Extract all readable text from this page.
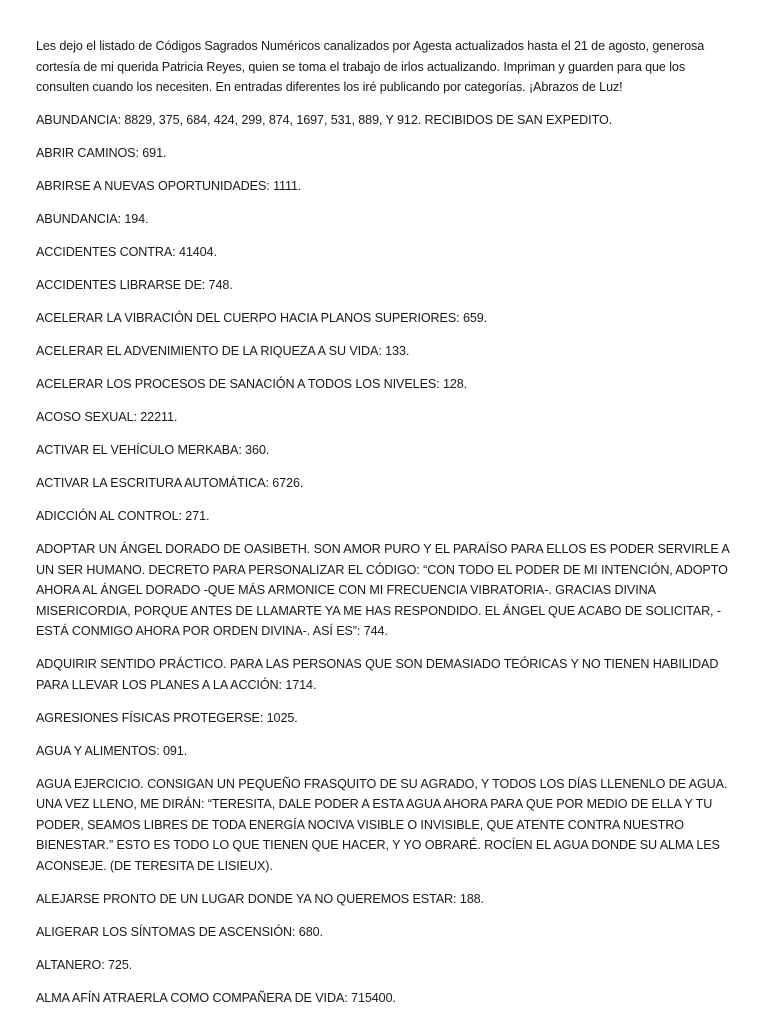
Les dejo el listado de Códigos Sagrados Numéricos canalizados por Agesta actualizados hasta el 21 de agosto, generosa cortesía de mi querida Patricia Reyes, quien se toma el trabajo de irlos actualizando. Impriman y guarden para que los consulten cuando los necesiten. En entradas diferentes los iré publicando por categorías. ¡Abrazos de Luz!

ABUNDANCIA: 8829, 375, 684, 424, 299, 874, 1697, 531, 889, Y 912. RECIBIDOS DE SAN EXPEDITO.

ABRIR CAMINOS: 691.

ABRIRSE A NUEVAS OPORTUNIDADES: 1111.

ABUNDANCIA: 194.

ACCIDENTES CONTRA: 41404.

ACCIDENTES LIBRARSE DE: 748.

ACELERAR LA VIBRACIÓN DEL CUERPO HACIA PLANOS SUPERIORES: 659.

ACELERAR EL ADVENIMIENTO DE LA RIQUEZA A SU VIDA: 133.

ACELERAR LOS PROCESOS DE SANACIÓN A TODOS LOS NIVELES: 128.

ACOSO SEXUAL: 22211.

ACTIVAR EL VEHÍCULO MERKABA: 360.

ACTIVAR LA ESCRITURA AUTOMÁTICA: 6726.

ADICCIÓN AL CONTROL: 271.

ADOPTAR UN ÁNGEL DORADO DE OASIBETH. SON AMOR PURO Y EL PARAÍSO PARA ELLOS ES PODER SERVIRLE A UN SER HUMANO. DECRETO PARA PERSONALIZAR EL CÓDIGO: “CON TODO EL PODER DE MI INTENCIÓN, ADOPTO AHORA AL ÁNGEL DORADO -QUE MÁS ARMONICE CON MI FRECUENCIA VIBRATORIA-. GRACIAS DIVINA MISERICORDIA, PORQUE ANTES DE LLAMARTE YA ME HAS RESPONDIDO. EL ÁNGEL QUE ACABO DE SOLICITAR, -ESTÁ CONMIGO AHORA POR ORDEN DIVINA-. ASÍ ES”: 744.

ADQUIRIR SENTIDO PRÁCTICO. PARA LAS PERSONAS QUE SON DEMASIADO TEÓRICAS Y NO TIENEN HABILIDAD PARA LLEVAR LOS PLANES A LA ACCIÓN: 1714.

AGRESIONES FÍSICAS PROTEGERSE: 1025.

AGUA Y ALIMENTOS: 091.

AGUA EJERCICIO. CONSIGAN UN PEQUEÑO FRASQUITO DE SU AGRADO, Y TODOS LOS DÍAS LLENENLO DE AGUA. UNA VEZ LLENO, ME DIRÁN: “TERESITA, DALE PODER A ESTA AGUA AHORA PARA QUE POR MEDIO DE ELLA Y TU PODER, SEAMOS LIBRES DE TODA ENERGÍA NOCIVA VISIBLE O INVISIBLE, QUE ATENTE CONTRA NUESTRO BIENESTAR.” ESTO ES TODO LO QUE TIENEN QUE HACER, Y YO OBRARÉ. ROCÍEN EL AGUA DONDE SU ALMA LES ACONSEJE. (DE TERESITA DE LISIEUX).

ALEJARSE PRONTO DE UN LUGAR DONDE YA NO QUEREMOS ESTAR: 188.

ALIGERAR LOS SÍNTOMAS DE ASCENSIÓN: 680.

ALTANERO: 725.

ALMA AFÍN ATRAERLA COMO COMPAÑERA DE VIDA: 715400.
